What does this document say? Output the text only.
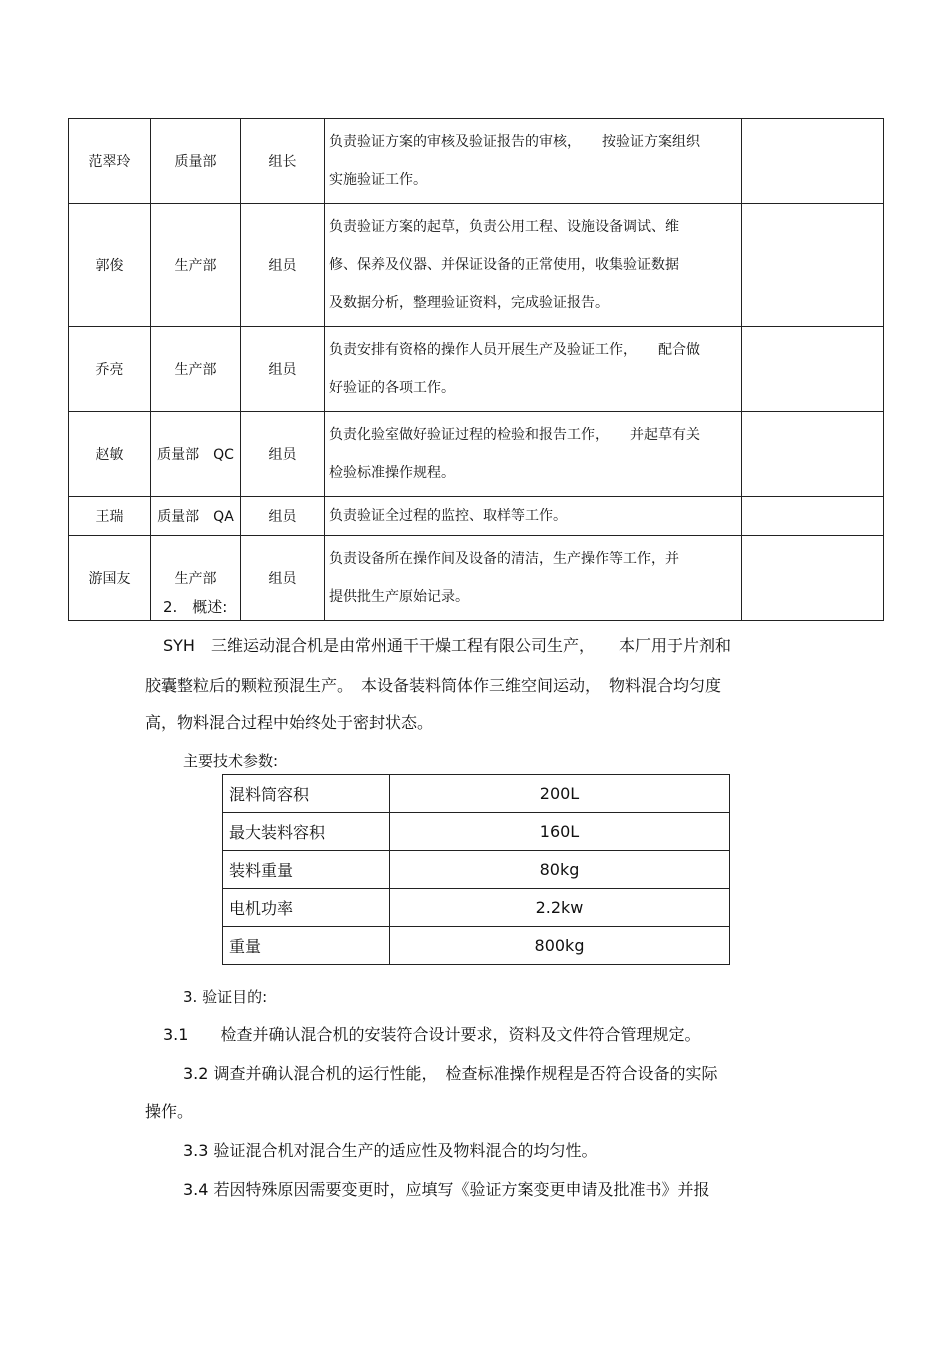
范翠玲	质量部	组长	负责验证方案的审核及验证报告的审核，　　按验证方案组织
实施验证工作。	

郭俊	生产部	组员	负责验证方案的起草，负责公用工程、设施设备调试、维
修、保养及仪器、并保证设备的正常使用，收集验证数据
及数据分析，整理验证资料，完成验证报告。	

乔亮	生产部	组员	负责安排有资格的操作人员开展生产及验证工作，　　配合做
好验证的各项工作。	

赵敏	质量部　QC	组员	负责化验室做好验证过程的检验和报告工作，　　并起草有关
检验标准操作规程。	

王瑞	质量部　QA	组员	负责验证全过程的监控、取样等工作。	

游国友	生产部	组员	负责设备所在操作间及设备的清洁，生产操作等工作，并
提供批生产原始记录。	

2.　概述:
SYH　三维运动混合机是由常州通干干燥工程有限公司生产，　　本厂用于片剂和
胶囊整粒后的颗粒预混生产。　本设备装料筒体作三维空间运动，　物料混合均匀度
高，物料混合过程中始终处于密封状态。
主要技术参数:
混料筒容积	200L
最大装料容积	160L
装料重量	80kg
电机功率	2.2kw
重量	800kg
3. 验证目的:
3.1　　检查并确认混合机的安装符合设计要求，资料及文件符合管理规定。
3.2 调查并确认混合机的运行性能，　检查标准操作规程是否符合设备的实际
操作。
3.3 验证混合机对混合生产的适应性及物料混合的均匀性。
3.4 若因特殊原因需要变更时，应填写《验证方案变更申请及批准书》并报
